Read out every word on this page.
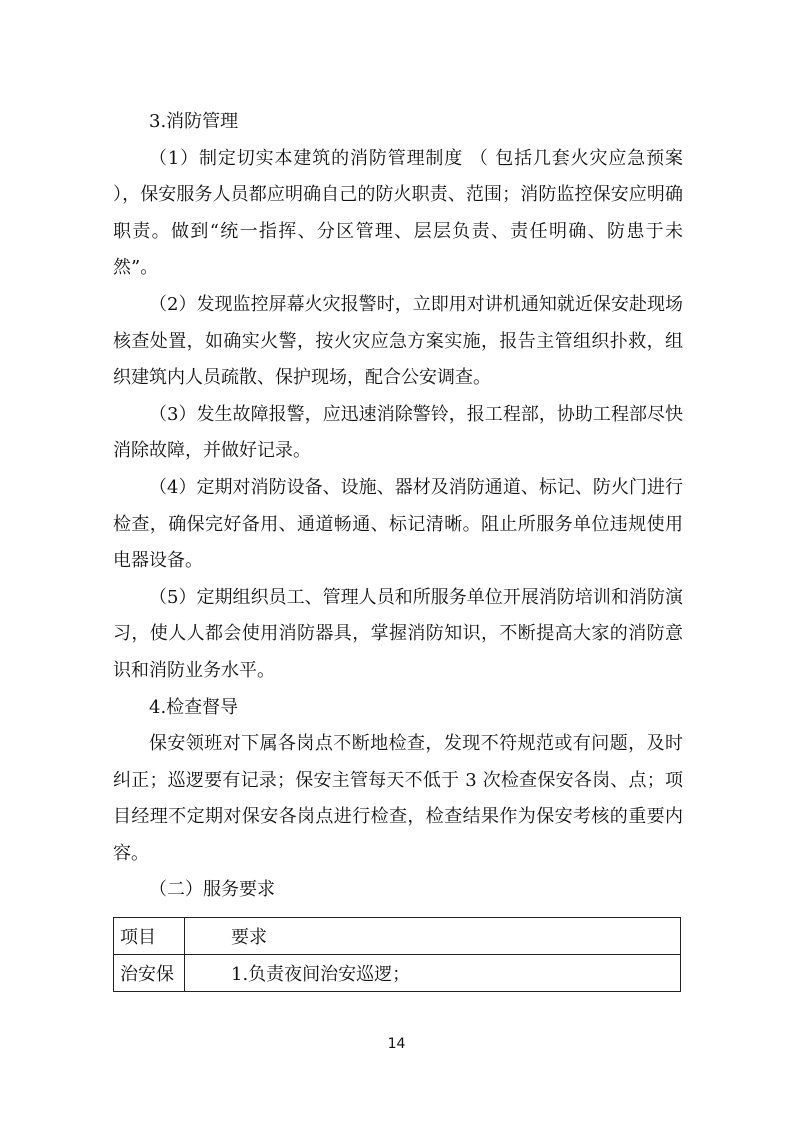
3.消防管理

（1）制定切实本建筑的消防管理制度 （ 包括几套火灾应急预案 ），保安服务人员都应明确自己的防火职责、范围；消防监控保安应明确职责。做到“统一指挥、分区管理、层层负责、责任明确、防患于未然”。

（2）发现监控屏幕火灾报警时，立即用对讲机通知就近保安赴现场核查处置，如确实火警，按火灾应急方案实施，报告主管组织扑救，组织建筑内人员疏散、保护现场，配合公安调查。

（3）发生故障报警，应迅速消除警铃，报工程部，协助工程部尽快消除故障，并做好记录。

（4）定期对消防设备、设施、器材及消防通道、标记、防火门进行检查，确保完好备用、通道畅通、标记清晰。阻止所服务单位违规使用电器设备。

（5）定期组织员工、管理人员和所服务单位开展消防培训和消防演习，使人人都会使用消防器具，掌握消防知识，不断提高大家的消防意识和消防业务水平。

4.检查督导

保安领班对下属各岗点不断地检查，发现不符规范或有问题，及时纠正；巡逻要有记录；保安主管每天不低于 3 次检查保安各岗、点；项目经理不定期对保安各岗点进行检查，检查结果作为保安考核的重要内容。

（二）服务要求

项目	要求
治安保	1.负责夜间治安巡逻；
14
